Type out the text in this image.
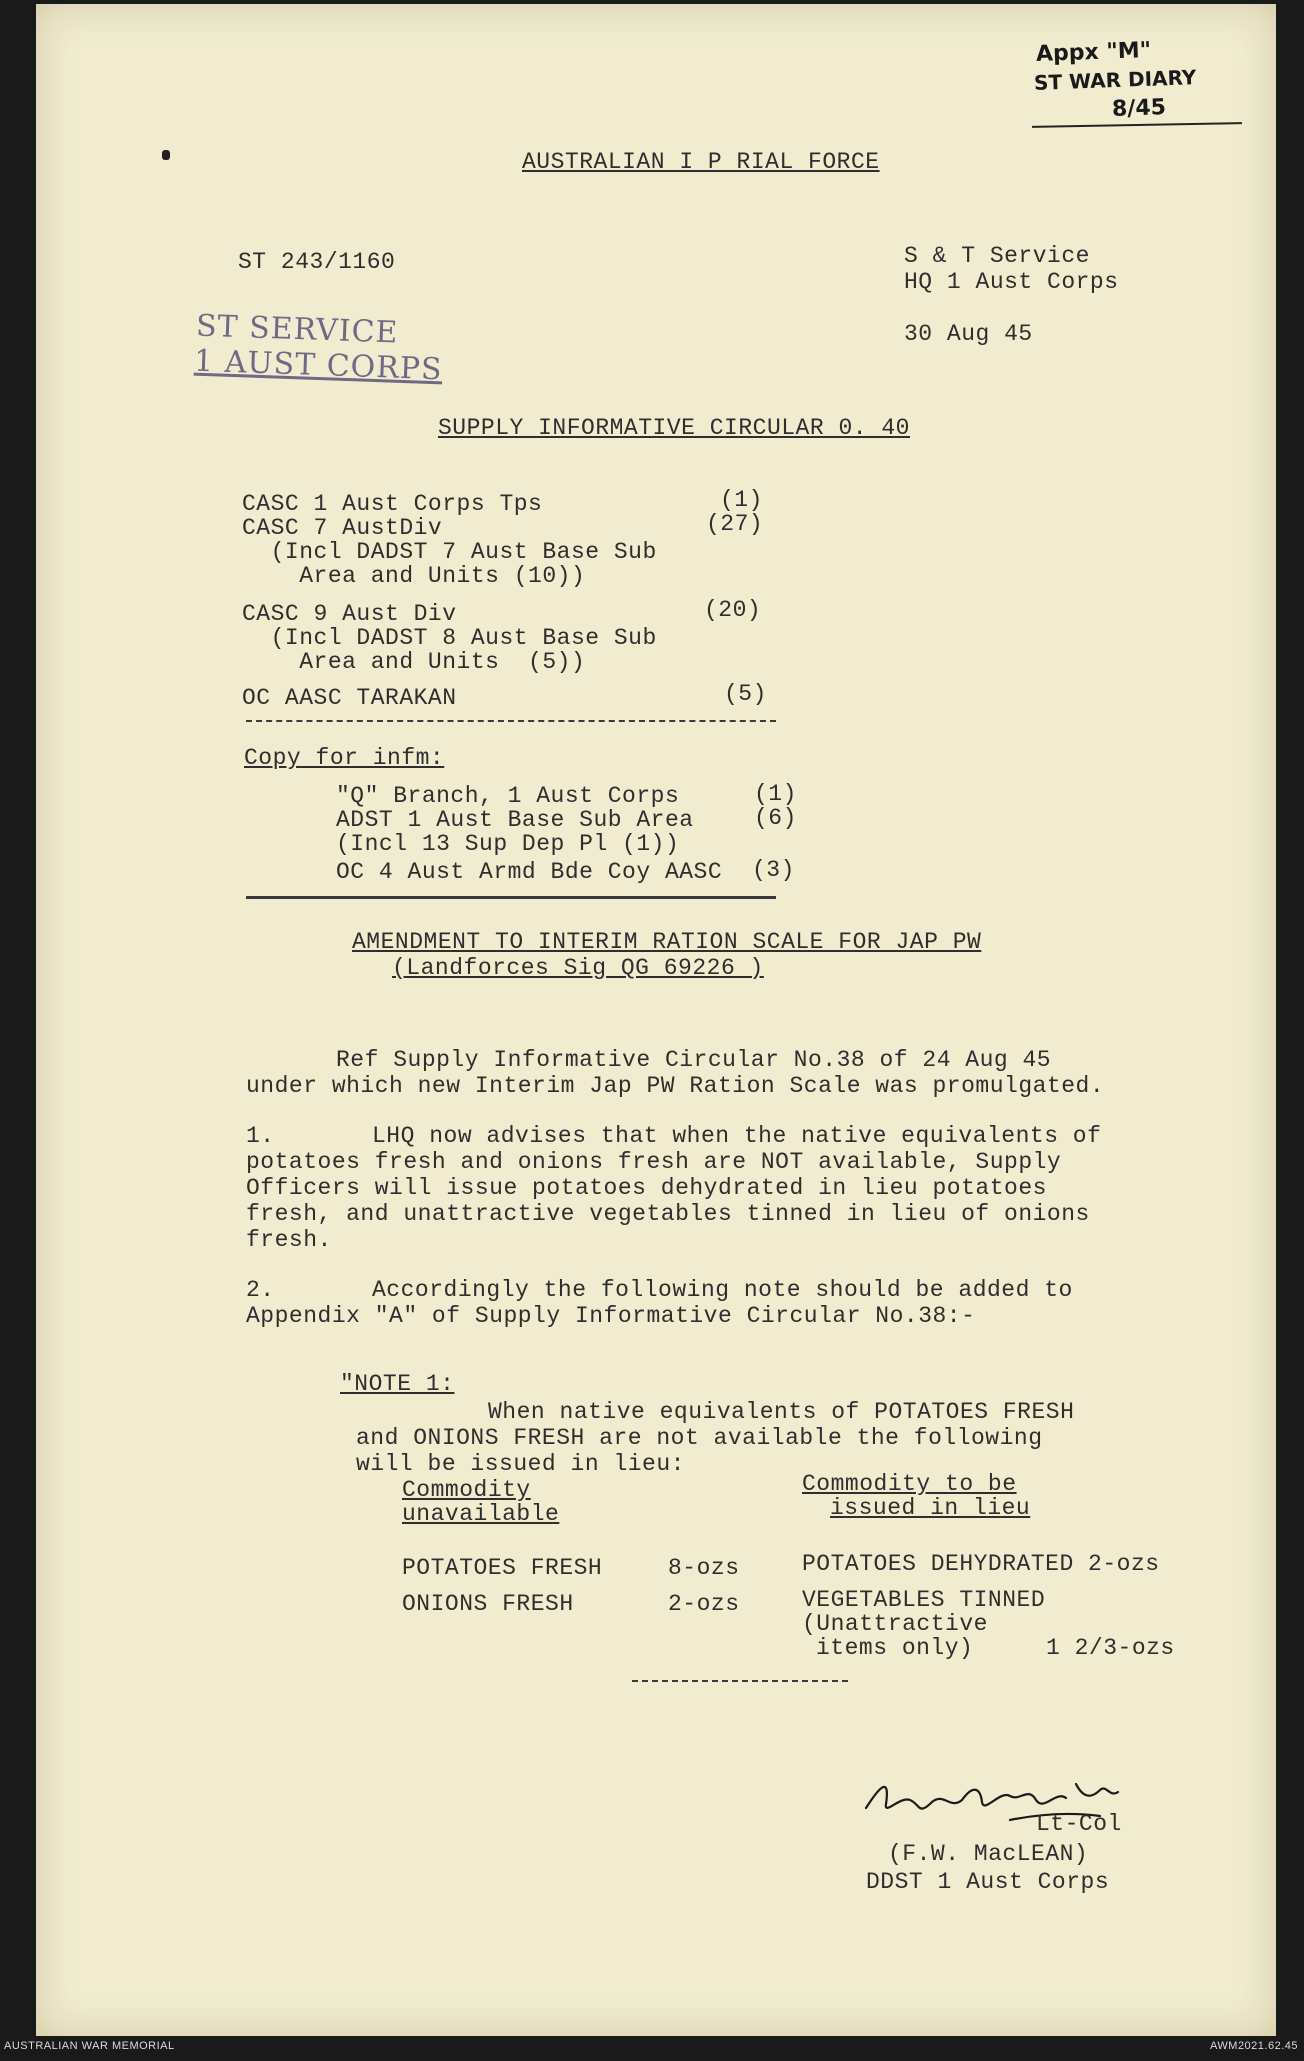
Appx "M"
ST WAR DIARY
8/45
AUSTRALIAN I P RIAL FORCE
ST 243/1160	S & T Service
HQ 1 Aust Corps
30 Aug 45
ST SERVICE
1 AUST CORPS
SUPPLY INFORMATIVE CIRCULAR 0. 40
CASC 1 Aust Corps Tps	(1)
CASC 7 AustDiv	(27)
(Incl DADST 7 Aust Base Sub
Area and Units (10))
CASC 9 Aust Div	(20)
(Incl DADST 8 Aust Base Sub
Area and Units  (5))
OC AASC TARAKAN	(5)
Copy for infm:
"Q" Branch, 1 Aust Corps	(1)
ADST 1 Aust Base Sub Area	(6)
(Incl 13 Sup Dep Pl (1))
OC 4 Aust Armd Bde Coy AASC (3)
AMENDMENT TO INTERIM RATION SCALE FOR JAP PW
(Landforces Sig QG 69226 )
Ref Supply Informative Circular No.38 of 24 Aug 45
under which new Interim Jap PW Ration Scale was promulgated.
1.	LHQ now advises that when the native equivalents of
potatoes fresh and onions fresh are NOT available, Supply
Officers will issue potatoes dehydrated in lieu potatoes
fresh, and unattractive vegetables tinned in lieu of onions
fresh.
2.	Accordingly the following note should be added to
Appendix "A" of Supply Informative Circular No.38:-
"NOTE 1:
When native equivalents of POTATOES FRESH
and ONIONS FRESH are not available the following
will be issued in lieu:
Commodity
unavailable
Commodity to be
issued in lieu
POTATOES FRESH	8-ozs	POTATOES DEHYDRATED 2-ozs
ONIONS FRESH	2-ozs	VEGETABLES TINNED
(Unattractive
items only)	1 2/3-ozs
Lt-Col
(F.W. MacLEAN)
DDST 1 Aust Corps
AUSTRALIAN WAR MEMORIAL	AWM2021.62.45
